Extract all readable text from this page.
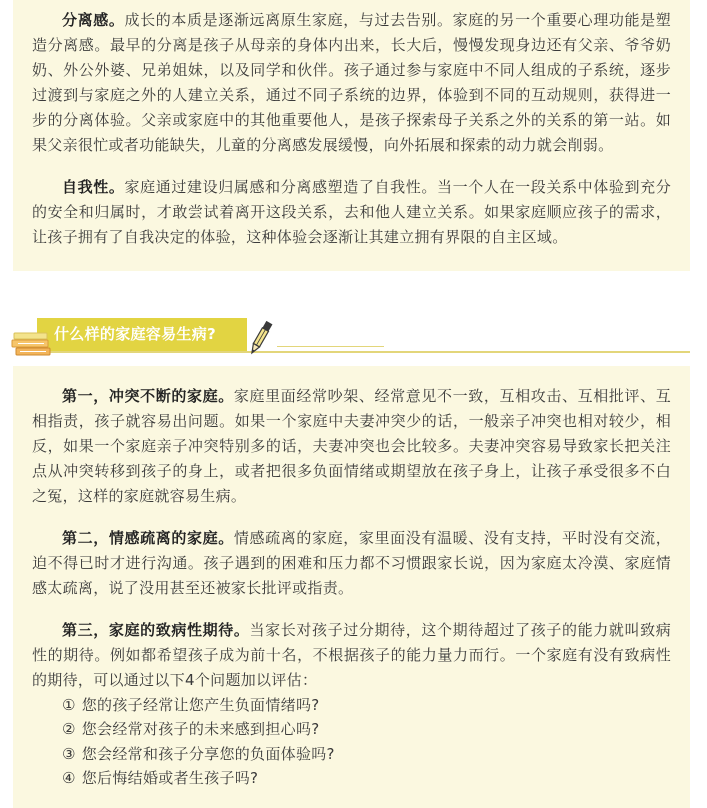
分离感。成长的本质是逐渐远离原生家庭，与过去告别。家庭的另一个重要心理功能是塑造分离感。最早的分离是孩子从母亲的身体内出来，长大后，慢慢发现身边还有父亲、爷爷奶奶、外公外婆、兄弟姐妹，以及同学和伙伴。孩子通过参与家庭中不同人组成的子系统，逐步过渡到与家庭之外的人建立关系，通过不同子系统的边界，体验到不同的互动规则，获得进一步的分离体验。父亲或家庭中的其他重要他人，是孩子探索母子关系之外的关系的第一站。如果父亲很忙或者功能缺失，儿童的分离感发展缓慢，向外拓展和探索的动力就会削弱。

自我性。家庭通过建设归属感和分离感塑造了自我性。当一个人在一段关系中体验到充分的安全和归属时，才敢尝试着离开这段关系，去和他人建立关系。如果家庭顺应孩子的需求，让孩子拥有了自我决定的体验，这种体验会逐渐让其建立拥有界限的自主区域。

什么样的家庭容易生病?

第一，冲突不断的家庭。家庭里面经常吵架、经常意见不一致，互相攻击、互相批评、互相指责，孩子就容易出问题。如果一个家庭中夫妻冲突少的话，一般亲子冲突也相对较少，相反，如果一个家庭亲子冲突特别多的话，夫妻冲突也会比较多。夫妻冲突容易导致家长把关注点从冲突转移到孩子的身上，或者把很多负面情绪或期望放在孩子身上，让孩子承受很多不白之冤，这样的家庭就容易生病。

第二，情感疏离的家庭。情感疏离的家庭，家里面没有温暖、没有支持，平时没有交流，迫不得已时才进行沟通。孩子遇到的困难和压力都不习惯跟家长说，因为家庭太冷漠、家庭情感太疏离，说了没用甚至还被家长批评或指责。

第三，家庭的致病性期待。当家长对孩子过分期待，这个期待超过了孩子的能力就叫致病性的期待。例如都希望孩子成为前十名，不根据孩子的能力量力而行。一个家庭有没有致病性的期待，可以通过以下4个问题加以评估：

① 您的孩子经常让您产生负面情绪吗?
② 您会经常对孩子的未来感到担心吗?
③ 您会经常和孩子分享您的负面体验吗?
④ 您后悔结婚或者生孩子吗?
